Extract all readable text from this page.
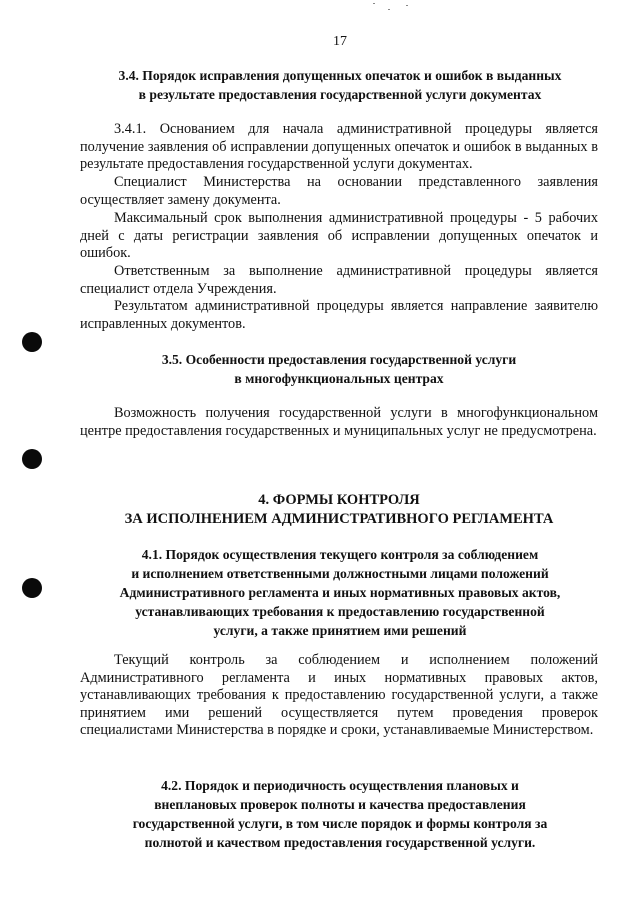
17
3.4. Порядок исправления допущенных опечаток и ошибок в выданных
в результате предоставления государственной услуги документах

3.4.1. Основанием для начала административной процедуры является получение заявления об исправлении допущенных опечаток и ошибок в выданных в результате предоставления государственной услуги документах.

Специалист Министерства на основании представленного заявления осуществляет замену документа.

Максимальный срок выполнения административной процедуры - 5 рабочих дней с даты регистрации заявления об исправлении допущенных опечаток и ошибок.

Ответственным за выполнение административной процедуры является специалист отдела Учреждения.

Результатом административной процедуры является направление заявителю исправленных документов.

3.5. Особенности предоставления государственной услуги
в многофункциональных центрах

Возможность получения государственной услуги в многофункциональном центре предоставления государственных и муниципальных услуг не предусмотрена.

4. ФОРМЫ КОНТРОЛЯ
ЗА ИСПОЛНЕНИЕМ АДМИНИСТРАТИВНОГО РЕГЛАМЕНТА
4.1. Порядок осуществления текущего контроля за соблюдением
и исполнением ответственными должностными лицами положений
Административного регламента и иных нормативных правовых актов,
устанавливающих требования к предоставлению государственной
услуги, а также принятием ими решений

Текущий контроль за соблюдением и исполнением положений Административного регламента и иных нормативных правовых актов, устанавливающих требования к предоставлению государственной услуги, а также принятием ими решений осуществляется путем проведения проверок специалистами Министерства в порядке и сроки, устанавливаемые Министерством.

4.2. Порядок и периодичность осуществления плановых и
внеплановых проверок полноты и качества предоставления
государственной услуги, в том числе порядок и формы контроля за
полнотой и качеством предоставления государственной услуги.
